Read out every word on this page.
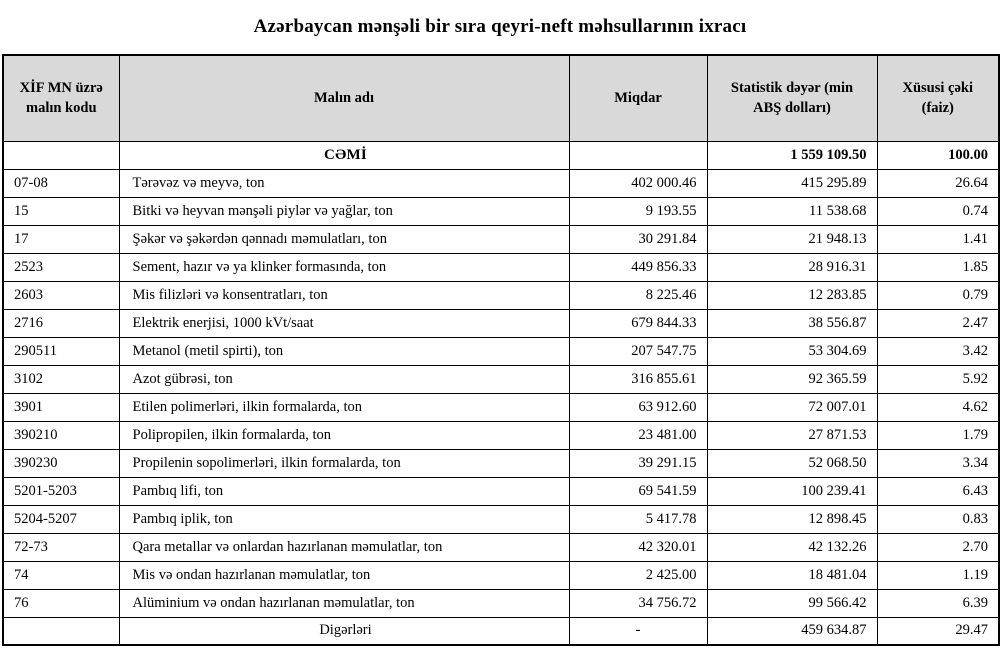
Azərbaycan mənşəli bir sıra qeyri-neft məhsullarının ixracı
XİF MN üzrə malın kodu	Malın adı	Miqdar	Statistik dəyər (min ABŞ dolları)	Xüsusi çəki (faiz)
	CƏMİ		1 559 109.50	100.00
07-08	Tərəvəz və meyvə, ton	402 000.46	415 295.89	26.64
15	Bitki və heyvan mənşəli piylər və yağlar, ton	9 193.55	11 538.68	0.74
17	Şəkər və şəkərdən qənnadı məmulatları, ton	30 291.84	21 948.13	1.41
2523	Sement, hazır və ya klinker formasında, ton	449 856.33	28 916.31	1.85
2603	Mis filizləri və konsentratları, ton	8 225.46	12 283.85	0.79
2716	Elektrik enerjisi, 1000 kVt/saat	679 844.33	38 556.87	2.47
290511	Metanol (metil spirti), ton	207 547.75	53 304.69	3.42
3102	Azot gübrəsi, ton	316 855.61	92 365.59	5.92
3901	Etilen polimerləri, ilkin formalarda, ton	63 912.60	72 007.01	4.62
390210	Polipropilen, ilkin formalarda, ton	23 481.00	27 871.53	1.79
390230	Propilenin sopolimerləri, ilkin formalarda, ton	39 291.15	52 068.50	3.34
5201-5203	Pambıq lifi, ton	69 541.59	100 239.41	6.43
5204-5207	Pambıq iplik, ton	5 417.78	12 898.45	0.83
72-73	Qara metallar və onlardan hazırlanan məmulatlar, ton	42 320.01	42 132.26	2.70
74	Mis və ondan hazırlanan məmulatlar, ton	2 425.00	18 481.04	1.19
76	Alüminium və ondan hazırlanan məmulatlar, ton	34 756.72	99 566.42	6.39
	Digərləri	-	459 634.87	29.47
